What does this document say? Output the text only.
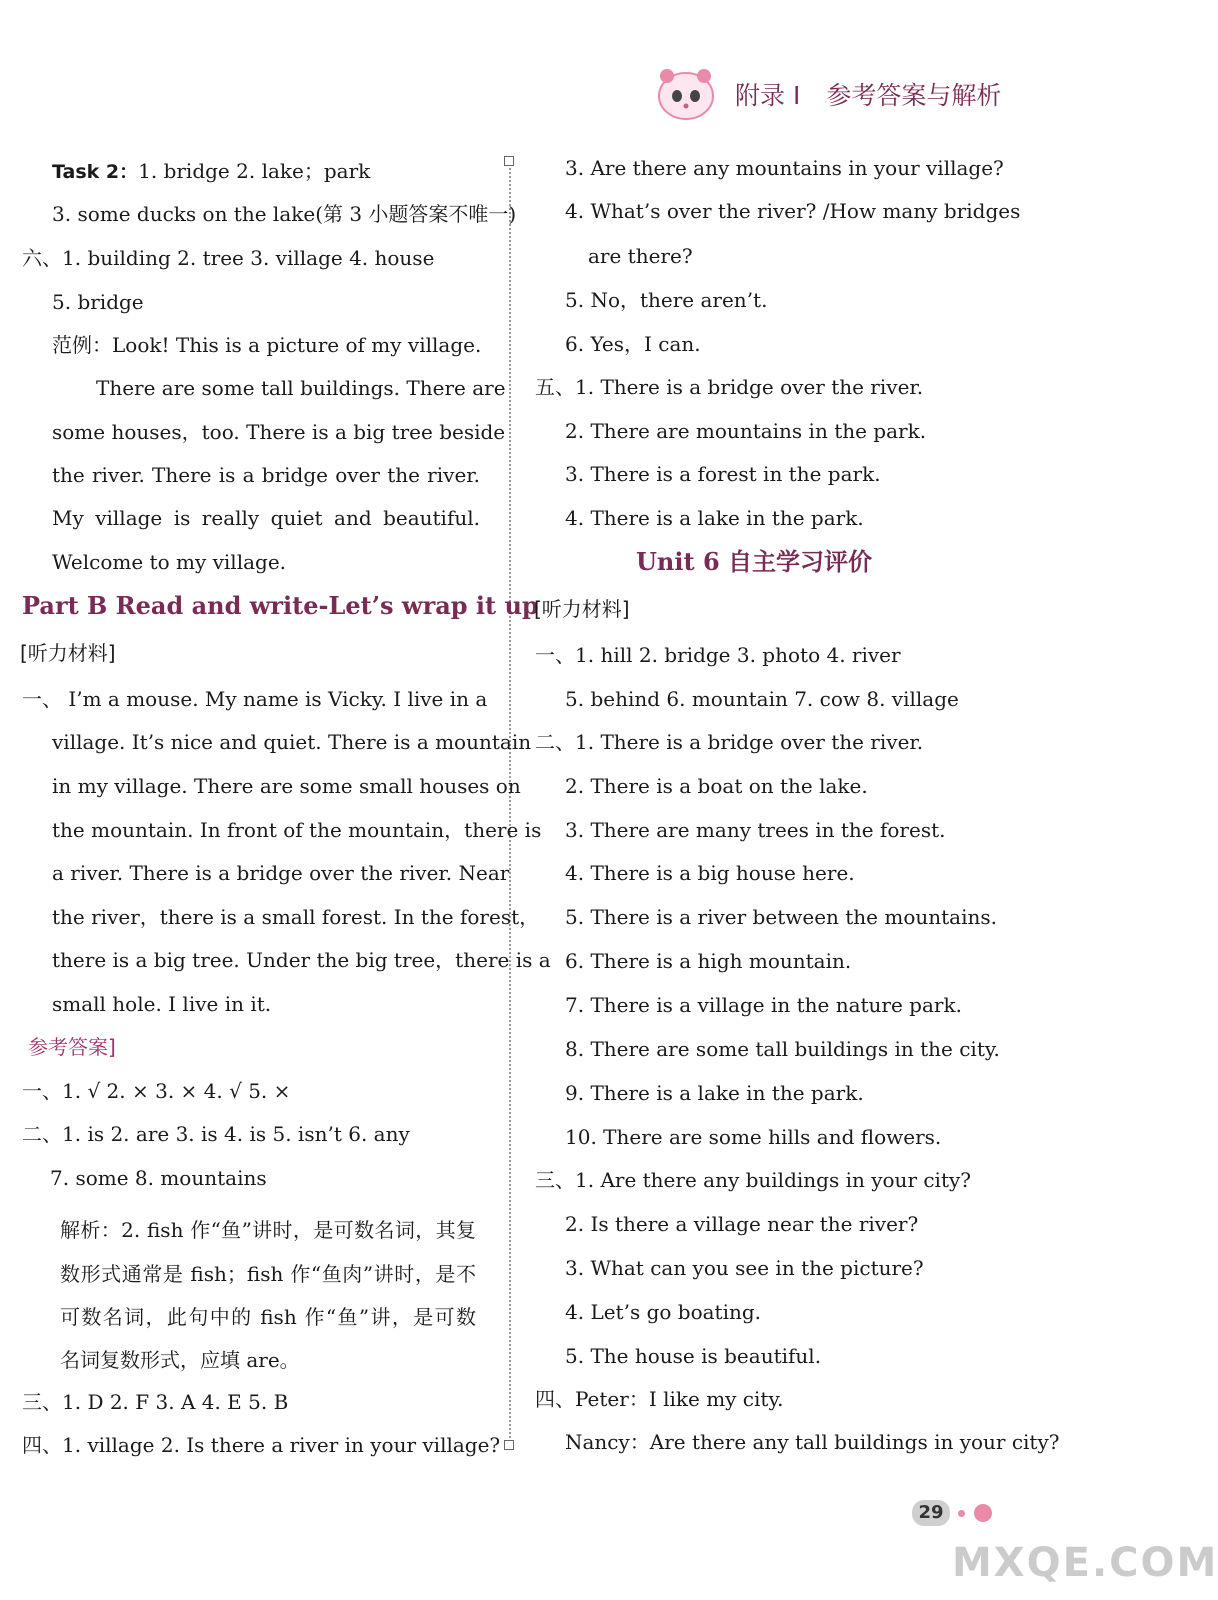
附录 I 参考答案与解析
Task 2：1. bridge 2. lake；park
3. some ducks on the lake(第 3 小题答案不唯一)
六、1. building 2. tree 3. village 4. house
5. bridge
范例：Look! This is a picture of my village.
There are some tall buildings. There are
some houses，too. There is a big tree beside
the river. There is a bridge over the river.
My village is really quiet and beautiful.
Welcome to my village.
Part B Read and write-Let’s wrap it up
[听力材料]
一、 I’m a mouse. My name is Vicky. I live in a
village. It’s nice and quiet. There is a mountain
in my village. There are some small houses on
the mountain. In front of the mountain，there is
a river. There is a bridge over the river. Near
the river，there is a small forest. In the forest，
there is a big tree. Under the big tree，there is a
small hole. I live in it.
参考答案]
一、1. √ 2. × 3. × 4. √ 5. ×
二、1. is 2. are 3. is 4. is 5. isn’t 6. any
7. some 8. mountains
解析：2. fish 作“鱼”讲时，是可数名词，其复
数形式通常是 fish；fish 作“鱼肉”讲时，是不
可数名词，此句中的 fish 作“鱼”讲，是可数
名词复数形式，应填 are。
三、1. D 2. F 3. A 4. E 5. B
四、1. village 2. Is there a river in your village?
3. Are there any mountains in your village?
4. What’s over the river? /How many bridges
are there?
5. No，there aren’t.
6. Yes，I can.
五、1. There is a bridge over the river.
2. There are mountains in the park.
3. There is a forest in the park.
4. There is a lake in the park.
Unit 6 自主学习评价
[听力材料]
一、1. hill 2. bridge 3. photo 4. river
5. behind 6. mountain 7. cow 8. village
二、1. There is a bridge over the river.
2. There is a boat on the lake.
3. There are many trees in the forest.
4. There is a big house here.
5. There is a river between the mountains.
6. There is a high mountain.
7. There is a village in the nature park.
8. There are some tall buildings in the city.
9. There is a lake in the park.
10. There are some hills and flowers.
三、1. Are there any buildings in your city?
2. Is there a village near the river?
3. What can you see in the picture?
4. Let’s go boating.
5. The house is beautiful.
四、Peter：I like my city.
Nancy：Are there any tall buildings in your city?
29
MXQE.COM
